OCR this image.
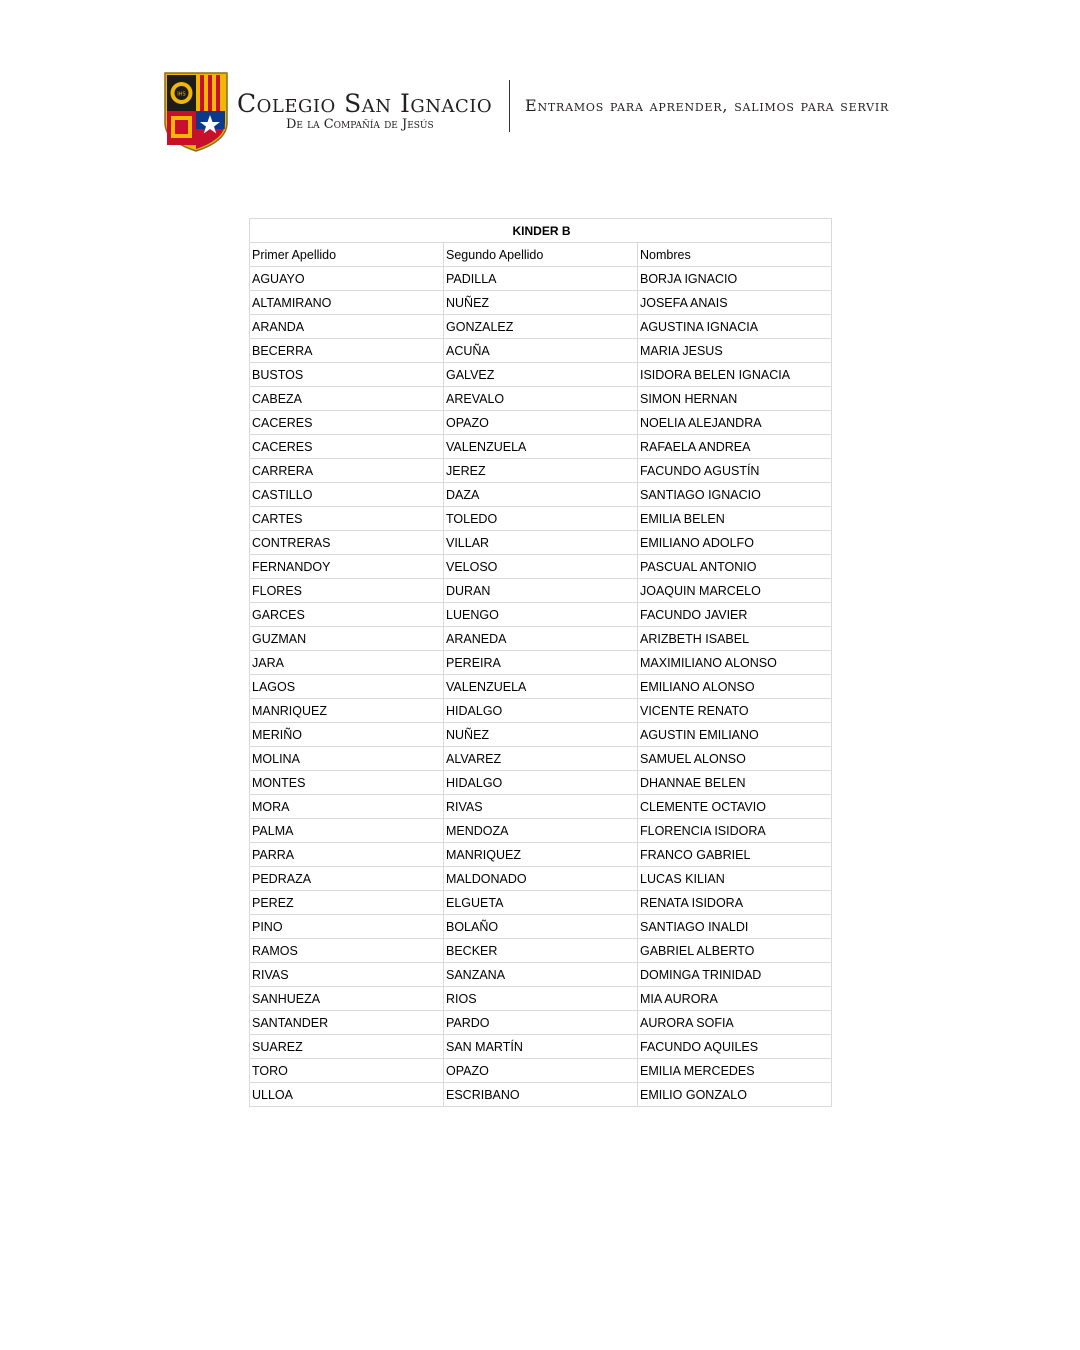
IHS Colegio San Ignacio
De la Compañía de Jesús
Entramos para aprender, salimos para servir
KINDER B		
Primer Apellido	Segundo Apellido	Nombres
AGUAYO	PADILLA	BORJA IGNACIO
ALTAMIRANO	NUÑEZ	JOSEFA ANAIS
ARANDA	GONZALEZ	AGUSTINA IGNACIA
BECERRA	ACUÑA	MARIA JESUS
BUSTOS	GALVEZ	ISIDORA BELEN IGNACIA
CABEZA	AREVALO	SIMON HERNAN
CACERES	OPAZO	NOELIA ALEJANDRA
CACERES	VALENZUELA	RAFAELA ANDREA
CARRERA	JEREZ	FACUNDO AGUSTÍN
CASTILLO	DAZA	SANTIAGO IGNACIO
CARTES	TOLEDO	EMILIA BELEN
CONTRERAS	VILLAR	EMILIANO ADOLFO
FERNANDOY	VELOSO	PASCUAL ANTONIO
FLORES	DURAN	JOAQUIN MARCELO
GARCES	LUENGO	FACUNDO JAVIER
GUZMAN	ARANEDA	ARIZBETH ISABEL
JARA	PEREIRA	MAXIMILIANO ALONSO
LAGOS	VALENZUELA	EMILIANO ALONSO
MANRIQUEZ	HIDALGO	VICENTE RENATO
MERIÑO	NUÑEZ	AGUSTIN EMILIANO
MOLINA	ALVAREZ	SAMUEL ALONSO
MONTES	HIDALGO	DHANNAE BELEN
MORA	RIVAS	CLEMENTE OCTAVIO
PALMA	MENDOZA	FLORENCIA ISIDORA
PARRA	MANRIQUEZ	FRANCO GABRIEL
PEDRAZA	MALDONADO	LUCAS KILIAN
PEREZ	ELGUETA	RENATA ISIDORA
PINO	BOLAÑO	SANTIAGO INALDI
RAMOS	BECKER	GABRIEL ALBERTO
RIVAS	SANZANA	DOMINGA TRINIDAD
SANHUEZA	RIOS	MIA AURORA
SANTANDER	PARDO	AURORA SOFIA
SUAREZ	SAN MARTÍN	FACUNDO AQUILES
TORO	OPAZO	EMILIA MERCEDES
ULLOA	ESCRIBANO	EMILIO GONZALO
